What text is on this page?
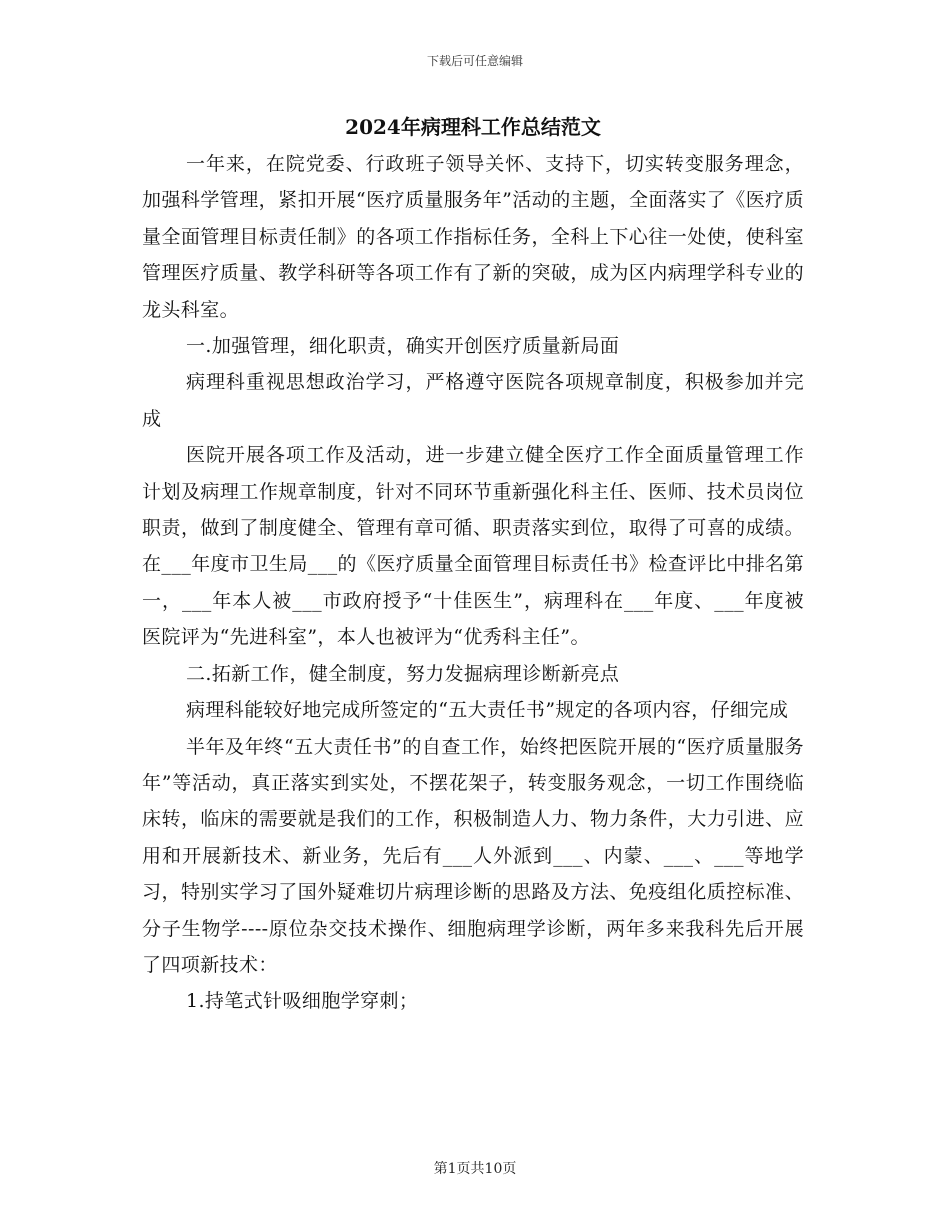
下载后可任意编辑
2024年病理科工作总结范文

一年来，在院党委、行政班子领导关怀、支持下，切实转变服务理念，加强科学管理，紧扣开展“医疗质量服务年”活动的主题，全面落实了《医疗质量全面管理目标责任制》的各项工作指标任务，全科上下心往一处使，使科室管理医疗质量、教学科研等各项工作有了新的突破，成为区内病理学科专业的龙头科室。

一.加强管理，细化职责，确实开创医疗质量新局面

病理科重视思想政治学习，严格遵守医院各项规章制度，积极参加并完成

医院开展各项工作及活动，进一步建立健全医疗工作全面质量管理工作计划及病理工作规章制度，针对不同环节重新强化科主任、医师、技术员岗位职责，做到了制度健全、管理有章可循、职责落实到位，取得了可喜的成绩。在___年度市卫生局___的《医疗质量全面管理目标责任书》检查评比中排名第一，___年本人被___市政府授予“十佳医生”，病理科在___年度、___年度被医院评为“先进科室”，本人也被评为“优秀科主任”。

二.拓新工作，健全制度，努力发掘病理诊断新亮点

病理科能较好地完成所签定的“五大责任书”规定的各项内容，仔细完成

半年及年终“五大责任书”的自查工作，始终把医院开展的“医疗质量服务年”等活动，真正落实到实处，不摆花架子，转变服务观念，一切工作围绕临床转，临床的需要就是我们的工作，积极制造人力、物力条件，大力引进、应用和开展新技术、新业务，先后有___人外派到___、内蒙、___、___等地学习，特别实学习了国外疑难切片病理诊断的思路及方法、免疫组化质控标准、分子生物学----原位杂交技术操作、细胞病理学诊断，两年多来我科先后开展了四项新技术：

1.持笔式针吸细胞学穿刺；

第1页共10页
